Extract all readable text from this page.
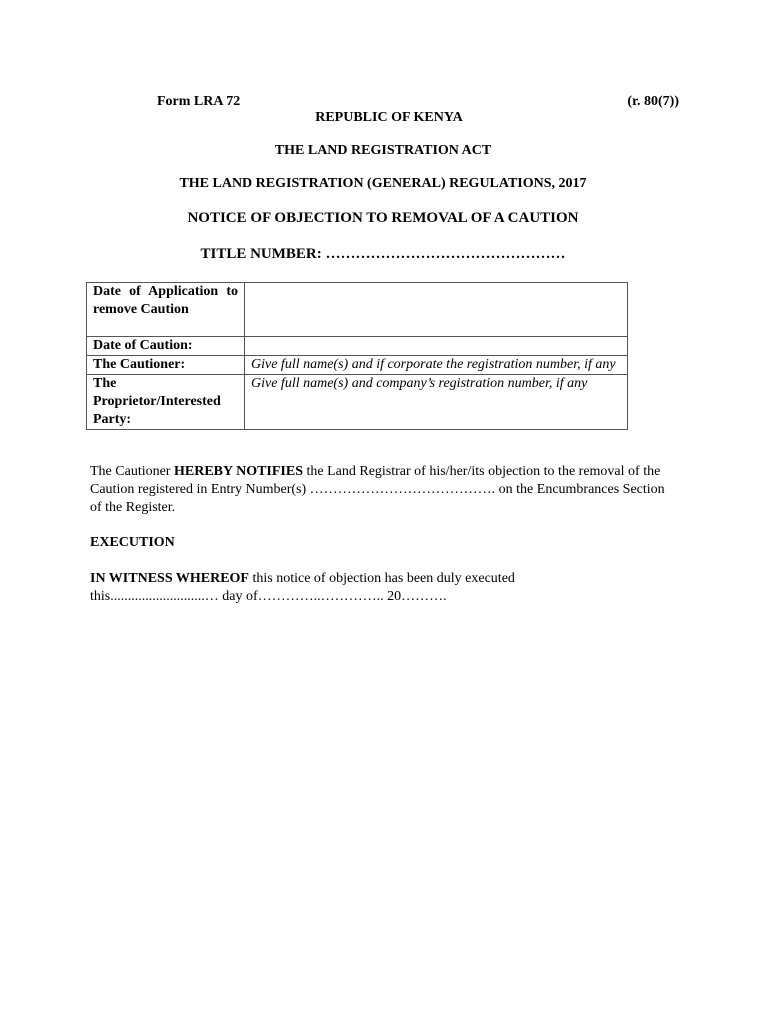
Form LRA 72	(r. 80(7))
REPUBLIC OF KENYA
THE LAND REGISTRATION ACT
THE LAND REGISTRATION (GENERAL) REGULATIONS, 2017
NOTICE OF OBJECTION TO REMOVAL OF A CAUTION
TITLE NUMBER: …………………………………………
Date of Application to remove Caution	

Date of Caution:	
The Cautioner:	Give full name(s) and if corporate the registration number, if any
The Proprietor/Interested Party:	Give full name(s) and company’s registration number, if any
The Cautioner HEREBY NOTIFIES the Land Registrar of his/her/its objection to the removal of the Caution registered in Entry Number(s) …………………………………. on the Encumbrances Section of the Register.
EXECUTION
IN WITNESS WHEREOF this notice of objection has been duly executed this...........................… day of…………..………….. 20……….
